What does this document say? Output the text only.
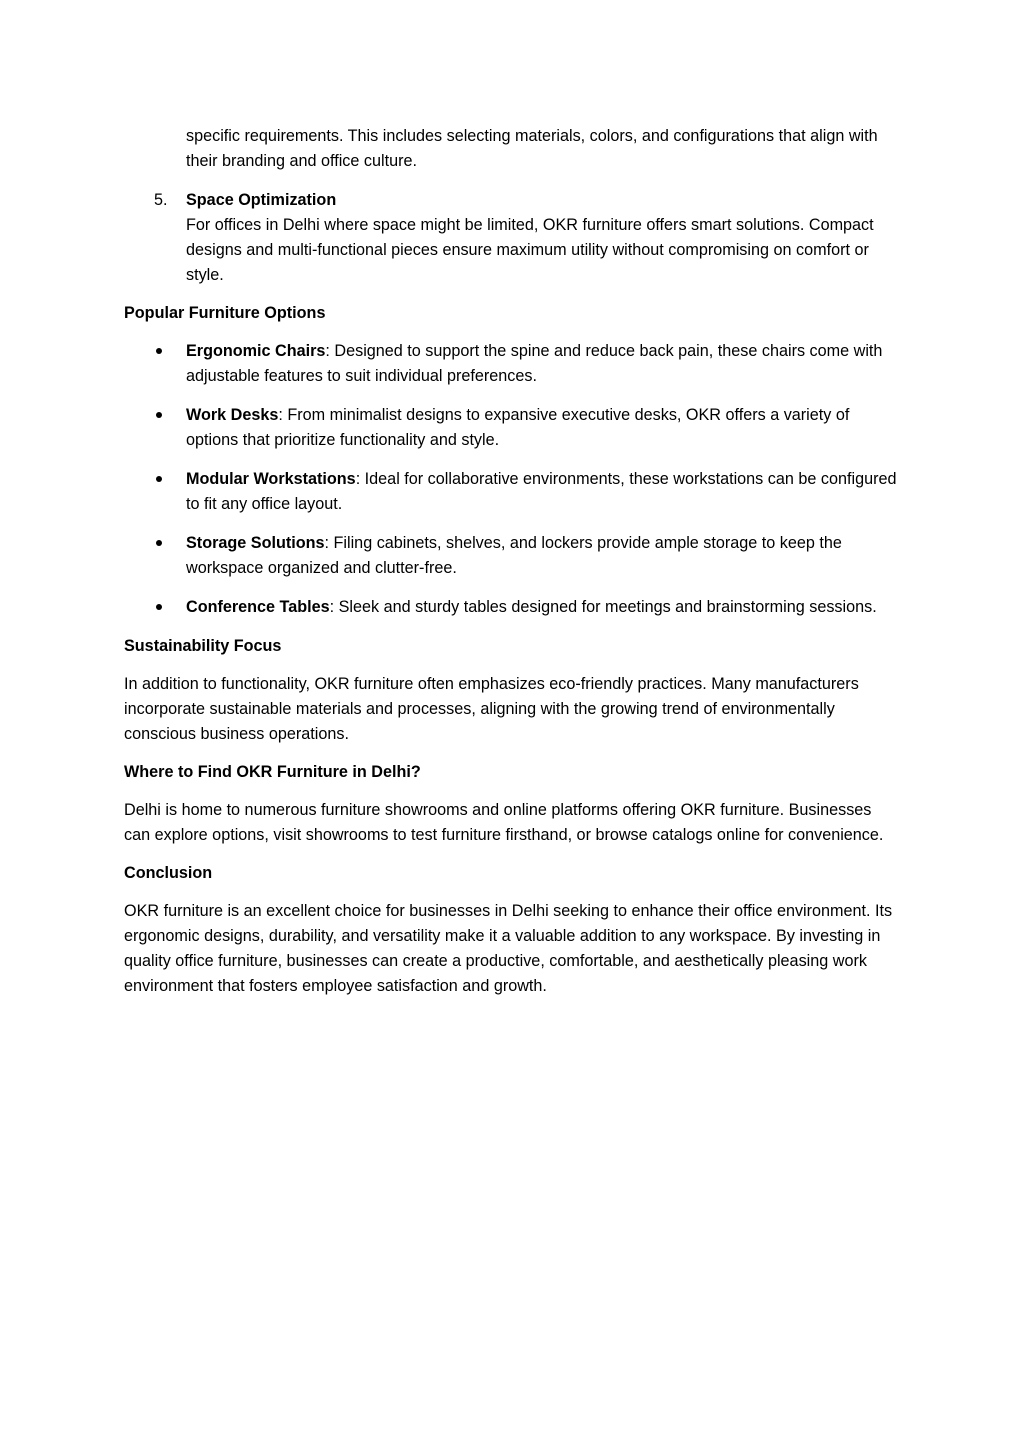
specific requirements. This includes selecting materials, colors, and configurations that align with their branding and office culture.

5. Space Optimization
For offices in Delhi where space might be limited, OKR furniture offers smart solutions. Compact designs and multi-functional pieces ensure maximum utility without compromising on comfort or style.
Popular Furniture Options
Ergonomic Chairs: Designed to support the spine and reduce back pain, these chairs come with adjustable features to suit individual preferences.
Work Desks: From minimalist designs to expansive executive desks, OKR offers a variety of options that prioritize functionality and style.
Modular Workstations: Ideal for collaborative environments, these workstations can be configured to fit any office layout.
Storage Solutions: Filing cabinets, shelves, and lockers provide ample storage to keep the workspace organized and clutter-free.
Conference Tables: Sleek and sturdy tables designed for meetings and brainstorming sessions.
Sustainability Focus

In addition to functionality, OKR furniture often emphasizes eco-friendly practices. Many manufacturers incorporate sustainable materials and processes, aligning with the growing trend of environmentally conscious business operations.

Where to Find OKR Furniture in Delhi?

Delhi is home to numerous furniture showrooms and online platforms offering OKR furniture. Businesses can explore options, visit showrooms to test furniture firsthand, or browse catalogs online for convenience.

Conclusion

OKR furniture is an excellent choice for businesses in Delhi seeking to enhance their office environment. Its ergonomic designs, durability, and versatility make it a valuable addition to any workspace. By investing in quality office furniture, businesses can create a productive, comfortable, and aesthetically pleasing work environment that fosters employee satisfaction and growth.
